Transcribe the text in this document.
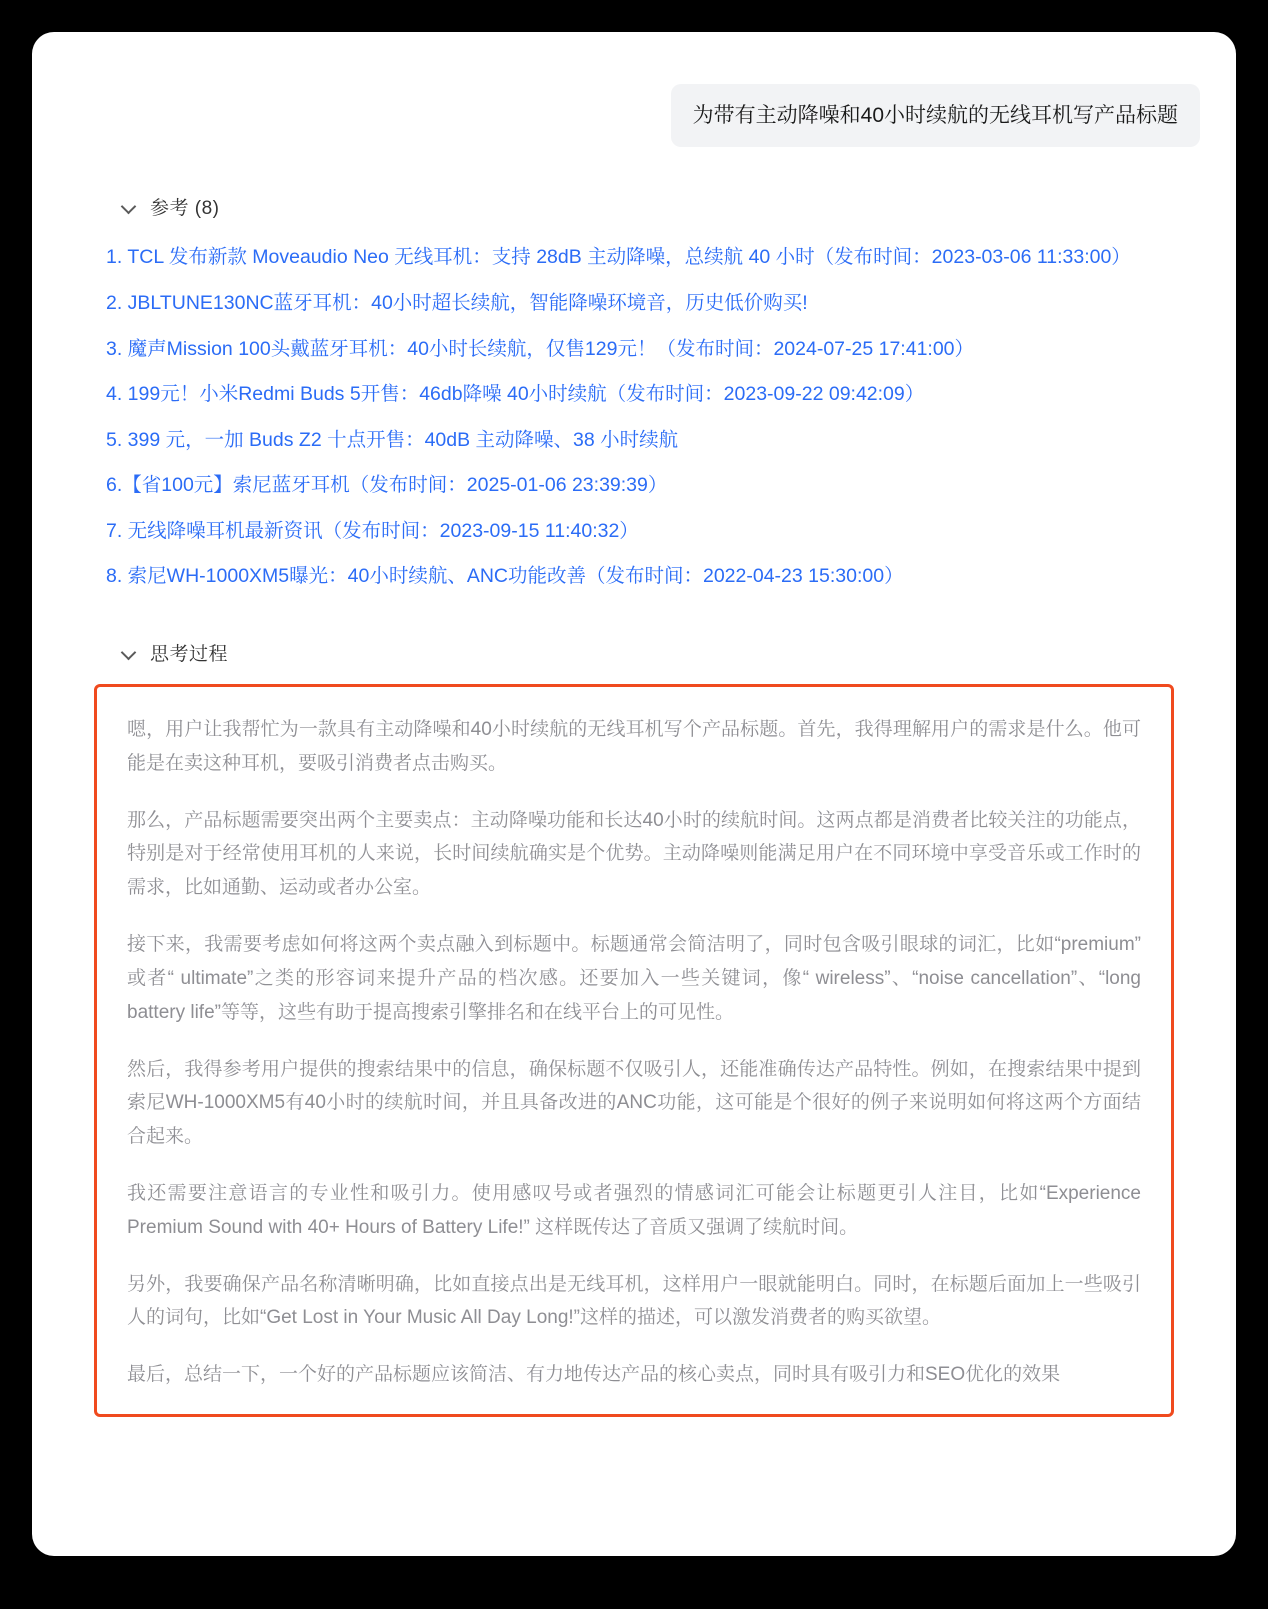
为带有主动降噪和40小时续航的无线耳机写产品标题
参考 (8)
1. TCL 发布新款 Moveaudio Neo 无线耳机：支持 28dB 主动降噪，总续航 40 小时（发布时间：2023-03-06 11:33:00）
2. JBLTUNE130NC蓝牙耳机：40小时超长续航，智能降噪环境音，历史低价购买!
3. 魔声Mission 100头戴蓝牙耳机：40小时长续航，仅售129元！（发布时间：2024-07-25 17:41:00）
4. 199元！小米Redmi Buds 5开售：46db降噪 40小时续航（发布时间：2023-09-22 09:42:09）
5. 399 元，一加 Buds Z2 十点开售：40dB 主动降噪、38 小时续航
6.【省100元】索尼蓝牙耳机（发布时间：2025-01-06 23:39:39）
7. 无线降噪耳机最新资讯（发布时间：2023-09-15 11:40:32）
8. 索尼WH-1000XM5曝光：40小时续航、ANC功能改善（发布时间：2022-04-23 15:30:00）
思考过程

嗯，用户让我帮忙为一款具有主动降噪和40小时续航的无线耳机写个产品标题。首先，我得理解用户的需求是什么。他可能是在卖这种耳机，要吸引消费者点击购买。

那么，产品标题需要突出两个主要卖点：主动降噪功能和长达40小时的续航时间。这两点都是消费者比较关注的功能点，特别是对于经常使用耳机的人来说，长时间续航确实是个优势。主动降噪则能满足用户在不同环境中享受音乐或工作时的需求，比如通勤、运动或者办公室。

接下来，我需要考虑如何将这两个卖点融入到标题中。标题通常会简洁明了，同时包含吸引眼球的词汇，比如“premium”或者“ ultimate”之类的形容词来提升产品的档次感。还要加入一些关键词，像“ wireless”、“noise cancellation”、“long battery life”等等，这些有助于提高搜索引擎排名和在线平台上的可见性。

然后，我得参考用户提供的搜索结果中的信息，确保标题不仅吸引人，还能准确传达产品特性。例如，在搜索结果中提到索尼WH-1000XM5有40小时的续航时间，并且具备改进的ANC功能，这可能是个很好的例子来说明如何将这两个方面结合起来。

我还需要注意语言的专业性和吸引力。使用感叹号或者强烈的情感词汇可能会让标题更引人注目，比如“Experience Premium Sound with 40+ Hours of Battery Life!” 这样既传达了音质又强调了续航时间。

另外，我要确保产品名称清晰明确，比如直接点出是无线耳机，这样用户一眼就能明白。同时，在标题后面加上一些吸引人的词句，比如“Get Lost in Your Music All Day Long!”这样的描述，可以激发消费者的购买欲望。

最后，总结一下，一个好的产品标题应该简洁、有力地传达产品的核心卖点，同时具有吸引力和SEO优化的效果
